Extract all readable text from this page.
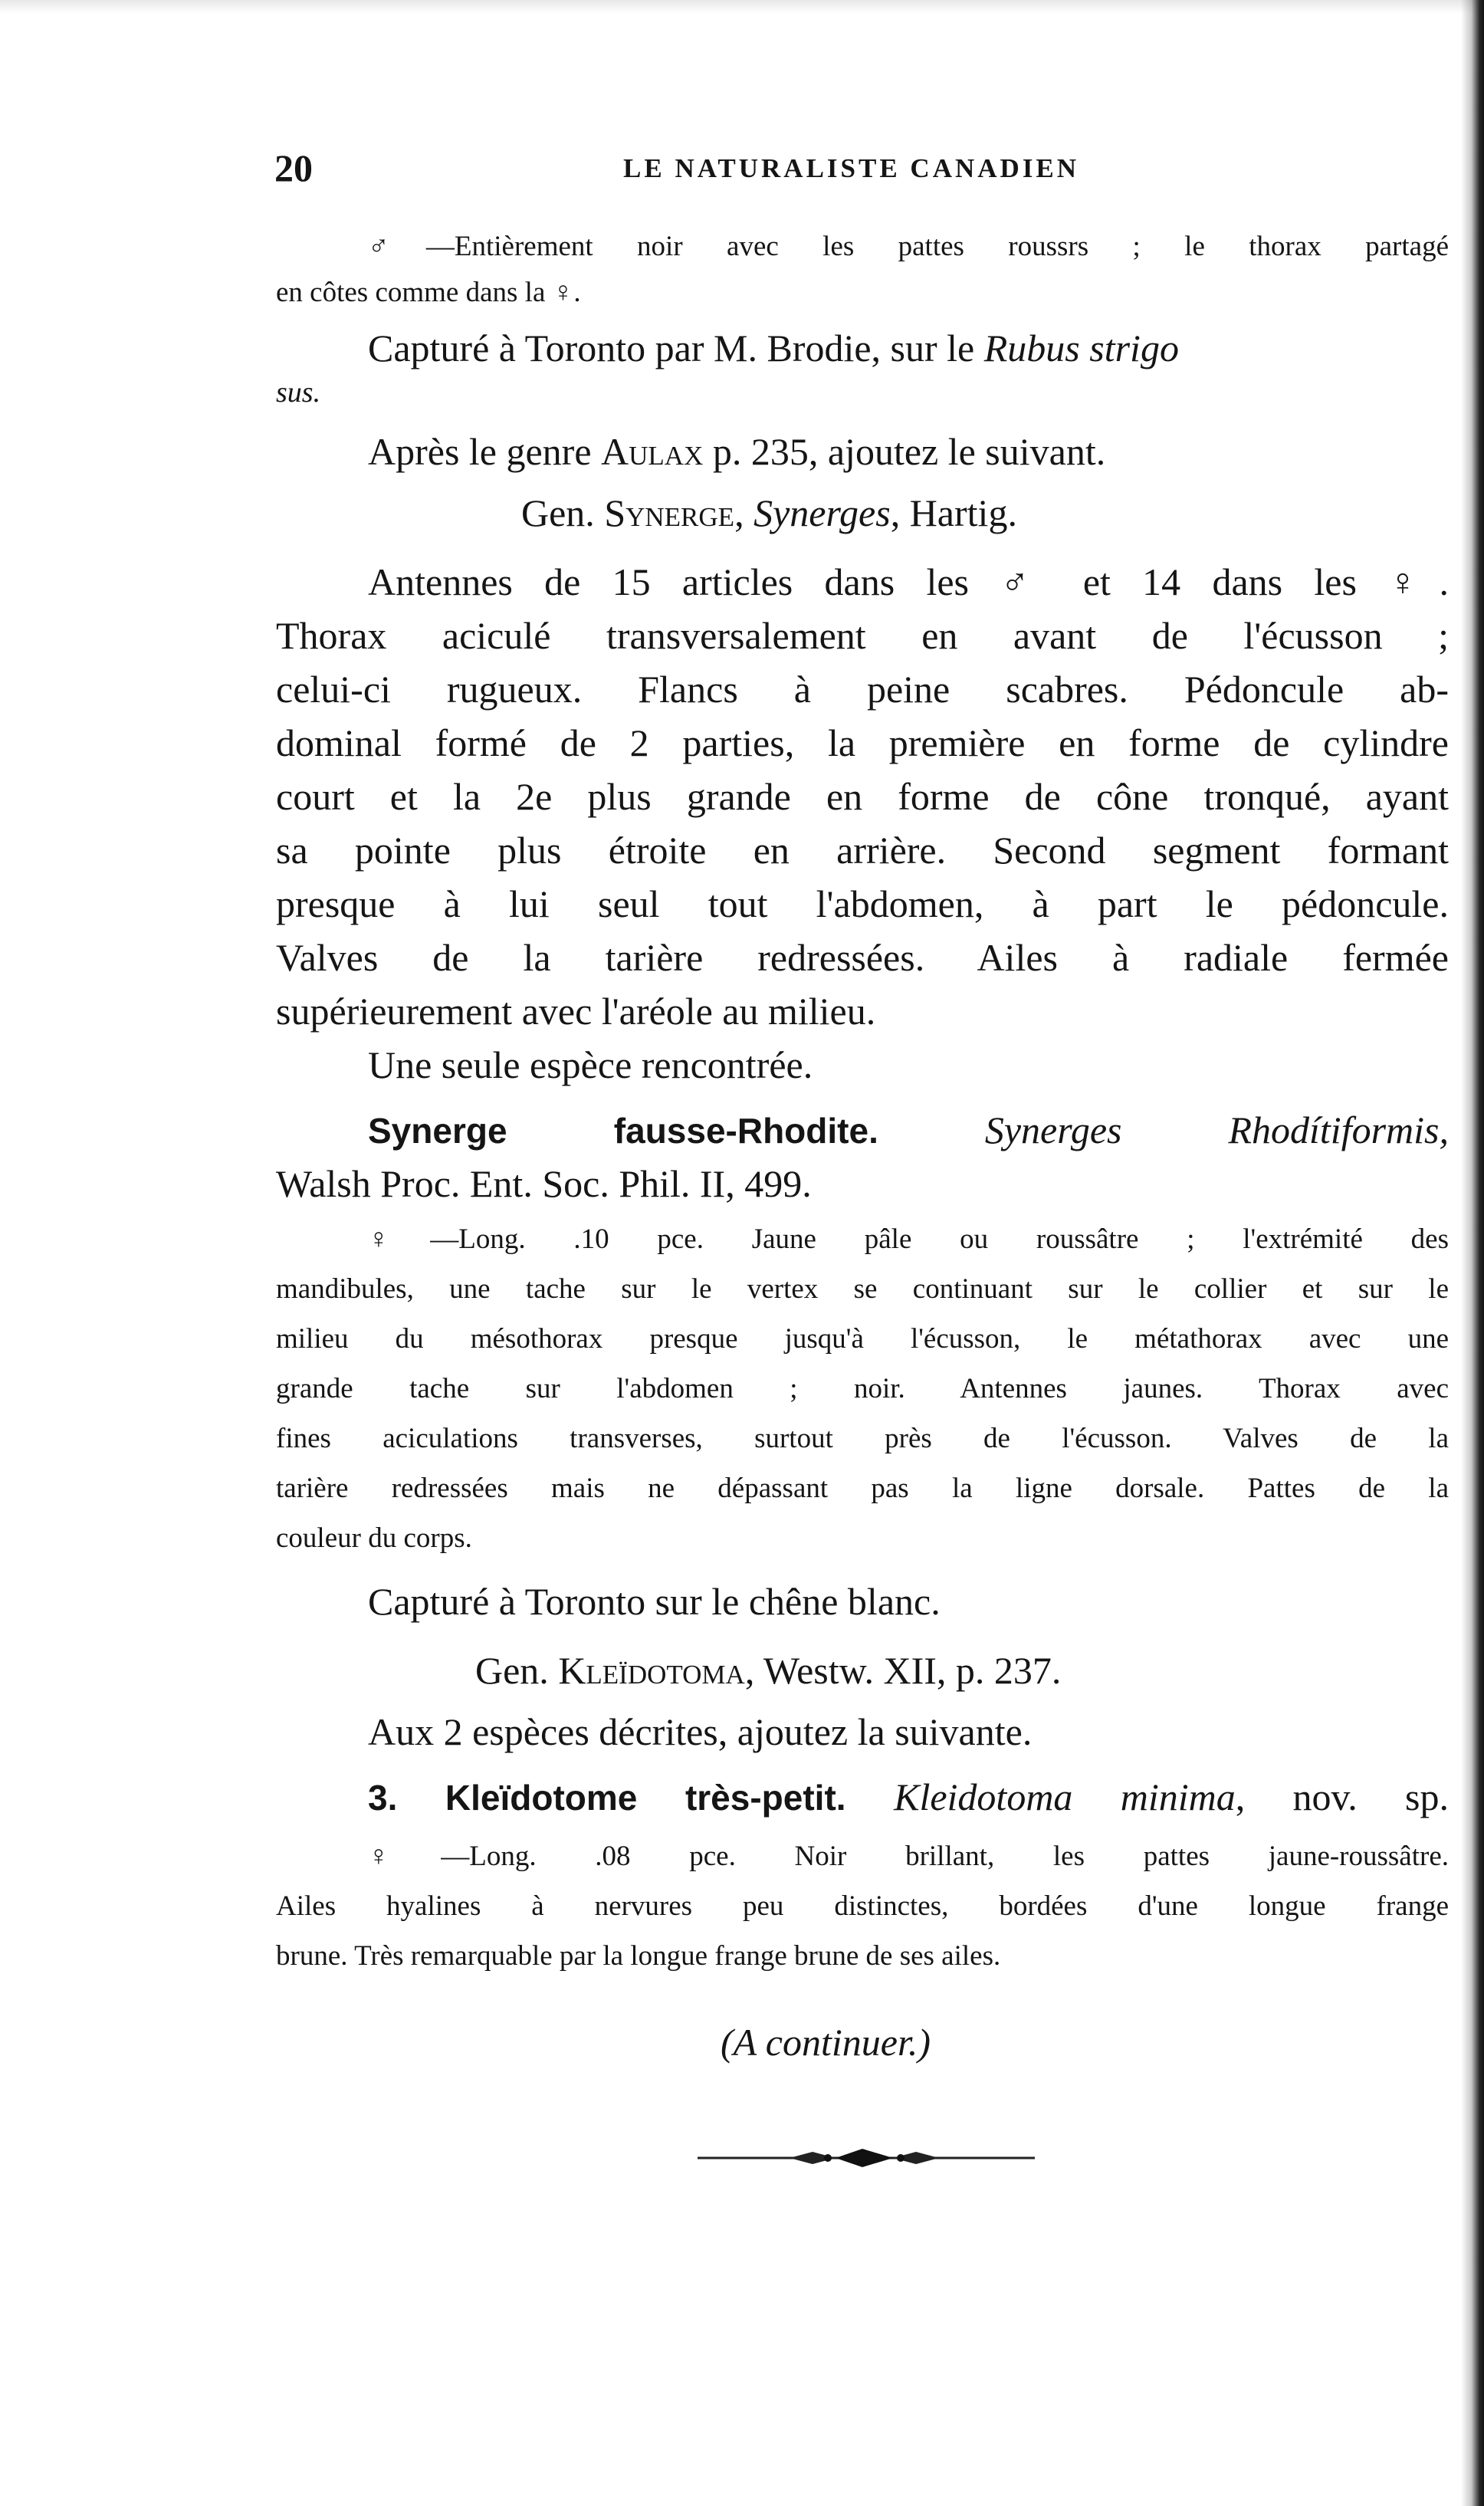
20	LE NATURALISTE CANADIEN

♂—Entièrement noir avec les pattes roussrs ; le thorax partagé

en côtes comme dans la ♀.

Capturé à Toronto par M. Brodie, sur le Rubus strigo

sus.

Après le genre Aulax p. 235, ajoutez le suivant.

Gen. Synerge, Synerges, Hartig.

Antennes de 15 articles dans les ♂ et 14 dans les ♀.

Thorax aciculé transversalement en avant de l'écusson ;

celui-ci rugueux. Flancs à peine scabres. Pédoncule ab-

dominal formé de 2 parties, la première en forme de cylindre

court et la 2e plus grande en forme de cône tronqué, ayant

sa pointe plus étroite en arrière. Second segment formant

presque à lui seul tout l'abdomen, à part le pédoncule.

Valves de la tarière redressées. Ailes à radiale fermée

supérieurement avec l'aréole au milieu.

Une seule espèce rencontrée.

Synerge fausse-Rhodite.	Synerges Rhodítiformis,

Walsh Proc. Ent. Soc. Phil. II, 499.

♀—Long. .10 pce. Jaune pâle ou roussâtre ; l'extrémité des

mandibules, une tache sur le vertex se continuant sur le collier et sur le

milieu du mésothorax presque jusqu'à l'écusson, le métathorax avec une

grande tache sur l'abdomen ; noir. Antennes jaunes. Thorax avec

fines aciculations transverses, surtout près de l'écusson. Valves de la

tarière redressées mais ne dépassant pas la ligne dorsale. Pattes de la

couleur du corps.

Capturé à Toronto sur le chêne blanc.

Gen. Kleïdotoma, Westw. XII, p. 237.

Aux 2 espèces décrites, ajoutez la suivante.

3. Kleïdotome très-petit. Kleidotoma minima, nov. sp.

♀—Long. .08 pce. Noir brillant, les pattes jaune-roussâtre.

Ailes hyalines à nervures peu distinctes, bordées d'une longue frange

brune. Très remarquable par la longue frange brune de ses ailes.

(A continuer.)
